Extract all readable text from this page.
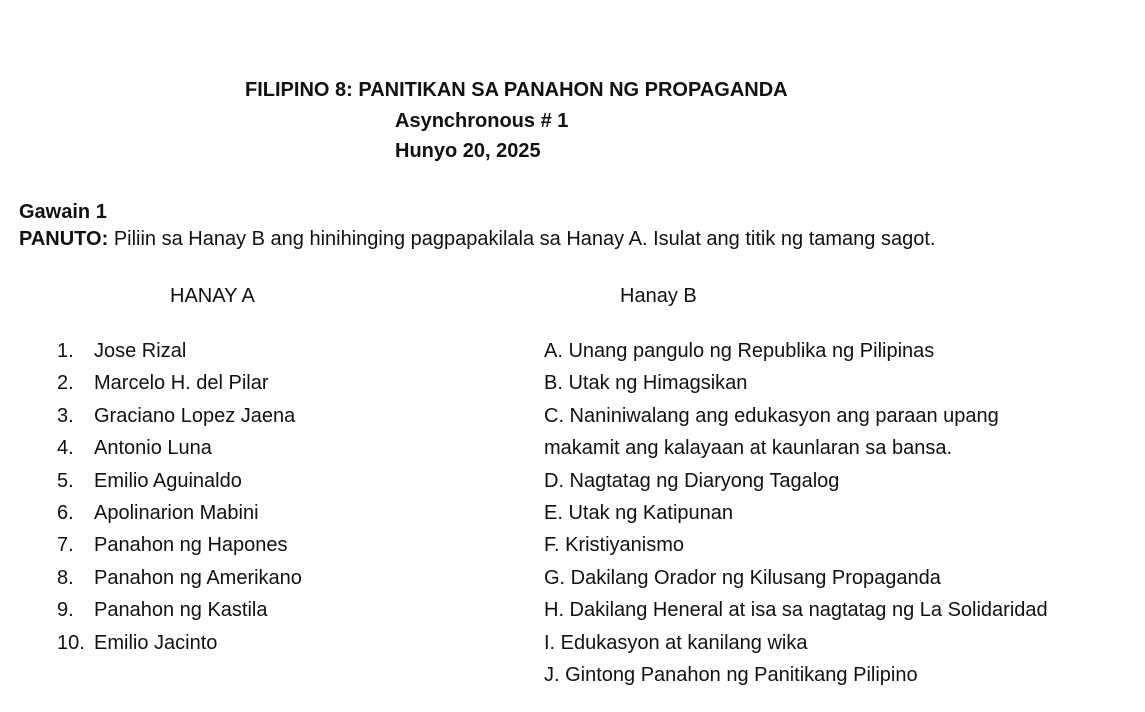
FILIPINO 8: PANITIKAN SA PANAHON NG PROPAGANDA
Asynchronous # 1
Hunyo 20, 2025
Gawain 1
PANUTO: Piliin sa Hanay B ang hinihinging pagpapakilala sa Hanay A. Isulat ang titik ng tamang sagot.
HANAY A	Hanay B
1. Jose Rizal
2. Marcelo H. del Pilar
3. Graciano Lopez Jaena
4. Antonio Luna
5. Emilio Aguinaldo
6. Apolinarion Mabini
7. Panahon ng Hapones
8. Panahon ng Amerikano
9. Panahon ng Kastila
10. Emilio Jacinto
A. Unang pangulo ng Republika ng Pilipinas
B. Utak ng Himagsikan
C. Naniniwalang ang edukasyon ang paraan upang
makamit ang kalayaan at kaunlaran sa bansa.
D. Nagtatag ng Diaryong Tagalog
E. Utak ng Katipunan
F. Kristiyanismo
G. Dakilang Orador ng Kilusang Propaganda
H. Dakilang Heneral at isa sa nagtatag ng La Solidaridad
I. Edukasyon at kanilang wika
J. Gintong Panahon ng Panitikang Pilipino
